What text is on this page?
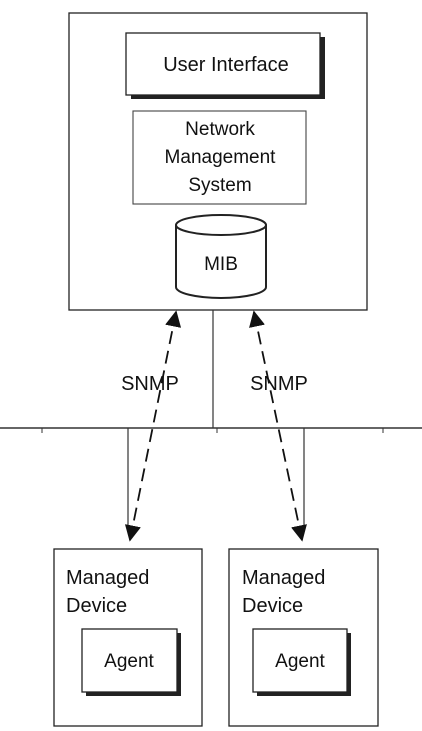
User Interface
Network
Management
System
MIB
SNMP	SNMP
Managed
Device
Agent
Managed
Device
Agent
